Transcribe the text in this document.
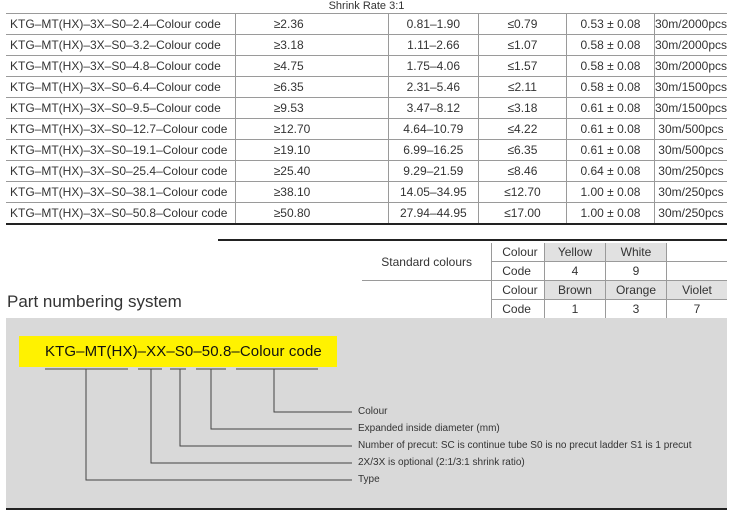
Shrink Rate 3:1
KTG–MT(HX)–3X–S0–2.4–Colour code	≥2.36	0.81–1.90	≤0.79	0.53 ± 0.08	30m/2000pcs
KTG–MT(HX)–3X–S0–3.2–Colour code	≥3.18	1.11–2.66	≤1.07	0.58 ± 0.08	30m/2000pcs
KTG–MT(HX)–3X–S0–4.8–Colour code	≥4.75	1.75–4.06	≤1.57	0.58 ± 0.08	30m/2000pcs
KTG–MT(HX)–3X–S0–6.4–Colour code	≥6.35	2.31–5.46	≤2.11	0.58 ± 0.08	30m/1500pcs
KTG–MT(HX)–3X–S0–9.5–Colour code	≥9.53	3.47–8.12	≤3.18	0.61 ± 0.08	30m/1500pcs
KTG–MT(HX)–3X–S0–12.7–Colour code	≥12.70	4.64–10.79	≤4.22	0.61 ± 0.08	30m/500pcs
KTG–MT(HX)–3X–S0–19.1–Colour code	≥19.10	6.99–16.25	≤6.35	0.61 ± 0.08	30m/500pcs
KTG–MT(HX)–3X–S0–25.4–Colour code	≥25.40	9.29–21.59	≤8.46	0.64 ± 0.08	30m/250pcs
KTG–MT(HX)–3X–S0–38.1–Colour code	≥38.10	14.05–34.95	≤12.70	1.00 ± 0.08	30m/250pcs
KTG–MT(HX)–3X–S0–50.8–Colour code	≥50.80	27.94–44.95	≤17.00	1.00 ± 0.08	30m/250pcs
Standard colours	Colour	Yellow	White	
	Code	4	9	
	Colour	Brown	Orange	Violet
	Code	1	3	7

Part numbering system
KTG–MT(HX)–XX–S0–50.8–Colour code
Colour
Expanded inside diameter (mm)
Number of precut: SC is continue tube S0 is no precut ladder S1 is 1 precut
2X/3X is optional (2:1/3:1 shrink ratio)
Type
